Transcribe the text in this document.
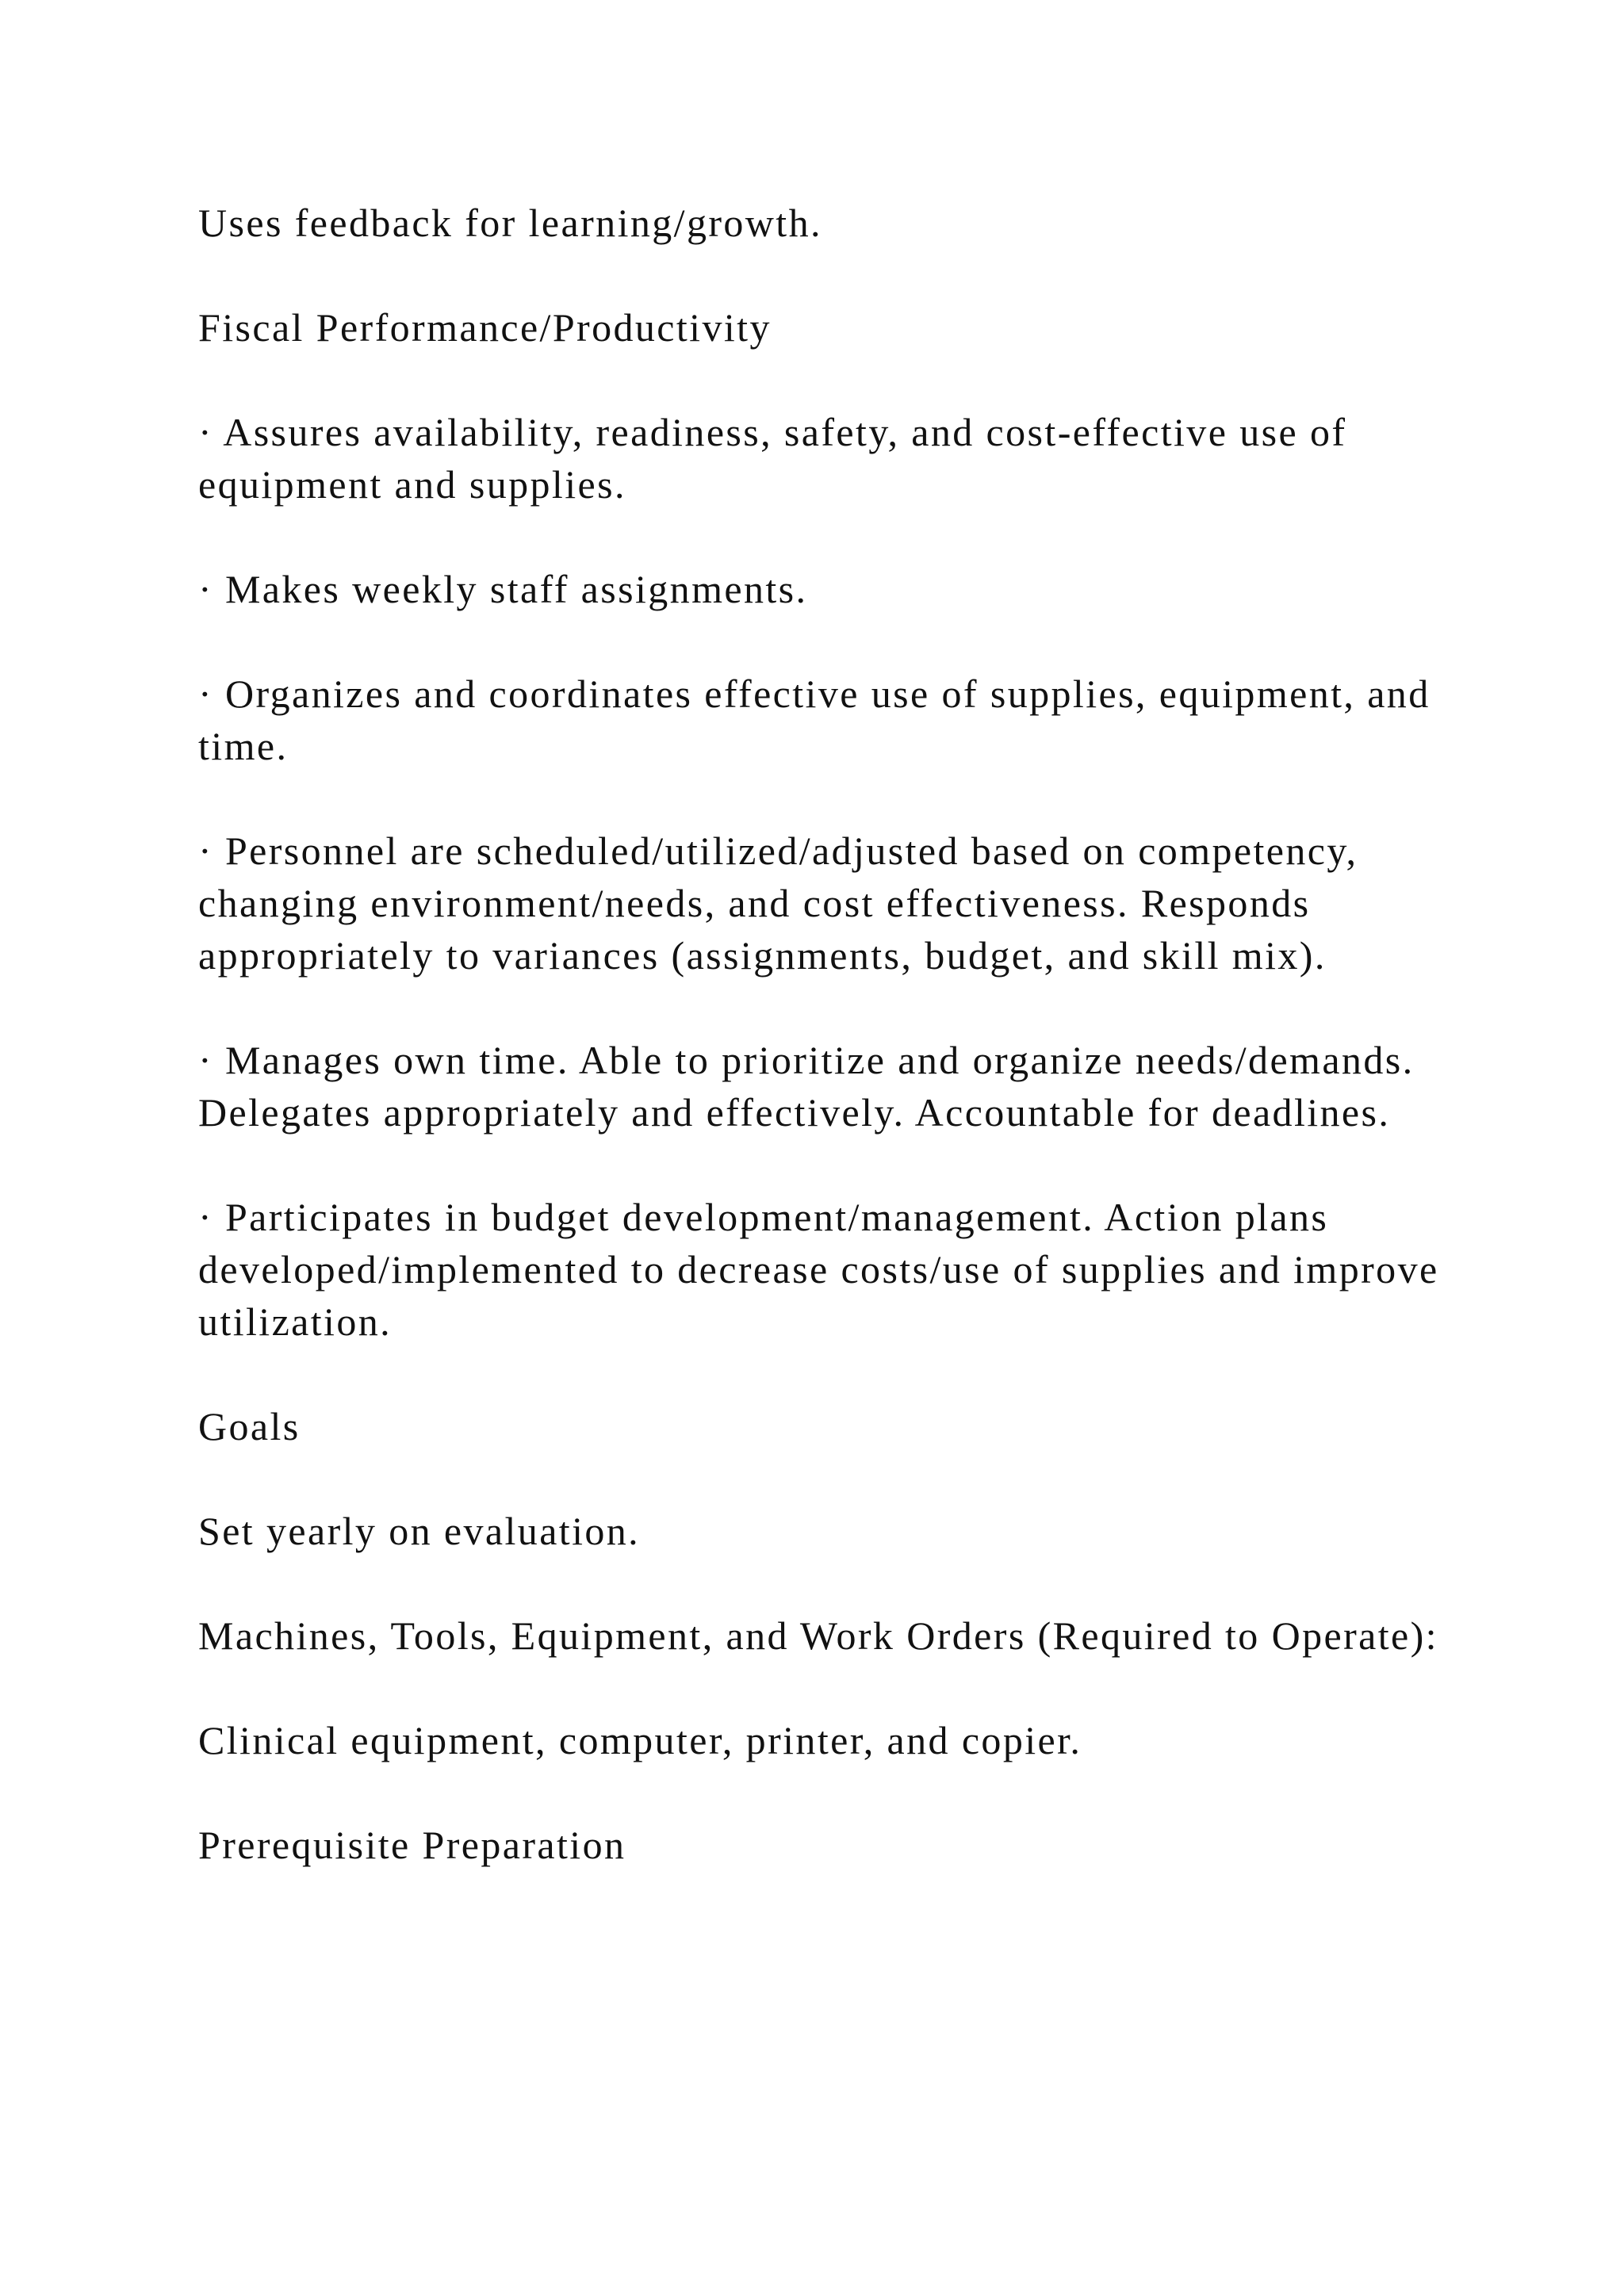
Uses feedback for learning/growth.

Fiscal Performance/Productivity

· Assures availability, readiness, safety, and cost-effective use of equipment and supplies.

· Makes weekly staff assignments.

· Organizes and coordinates effective use of supplies, equipment, and time.

· Personnel are scheduled/utilized/adjusted based on competency, changing environment/needs, and cost effectiveness. Responds appropriately to variances (assignments, budget, and skill mix).

· Manages own time. Able to prioritize and organize needs/demands. Delegates appropriately and effectively. Accountable for deadlines.

· Participates in budget development/management. Action plans developed/implemented to decrease costs/use of supplies and improve utilization.

Goals

Set yearly on evaluation.

Machines, Tools, Equipment, and Work Orders (Required to Operate):

Clinical equipment, computer, printer, and copier.

Prerequisite Preparation
